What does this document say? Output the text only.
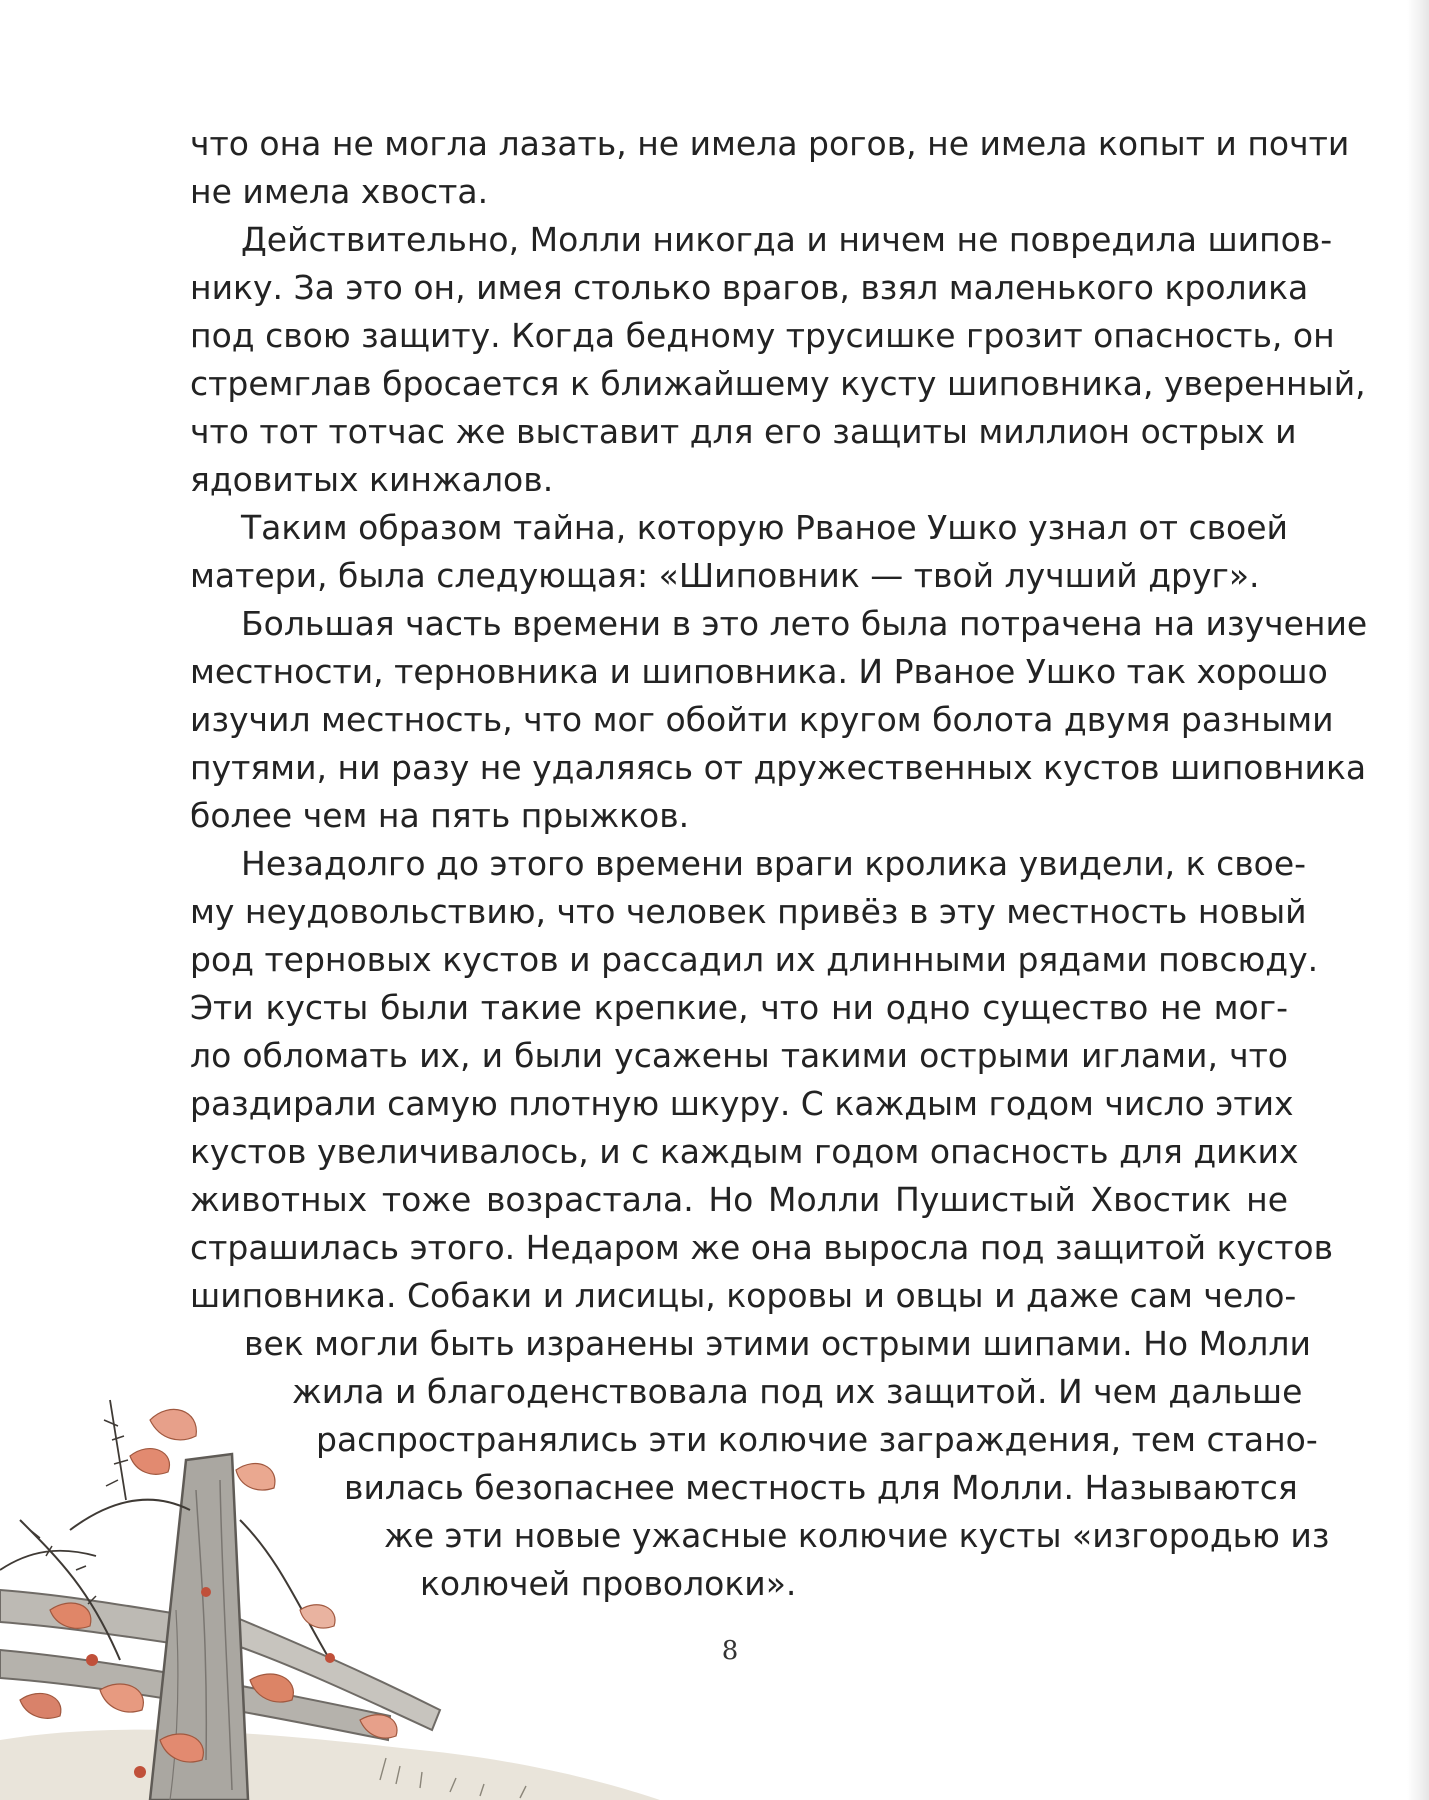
что она не могла лазать, не имела рогов, не имела копыт и почти
не имела хвоста.
Действительно, Молли никогда и ничем не повредила шипов-
нику. За это он, имея столько врагов, взял маленького кролика
под свою защиту. Когда бедному трусишке грозит опасность, он
стремглав бросается к ближайшему кусту шиповника, уверенный,
что тот тотчас же выставит для его защиты миллион острых и
ядовитых кинжалов.
Таким образом тайна, которую Рваное Ушко узнал от своей
матери, была следующая: «Шиповник — твой лучший друг».
Большая часть времени в это лето была потрачена на изучение
местности, терновника и шиповника. И Рваное Ушко так хорошо
изучил местность, что мог обойти кругом болота двумя разными
путями, ни разу не удаляясь от дружественных кустов шиповника
более чем на пять прыжков.
Незадолго до этого времени враги кролика увидели, к свое-
му неудовольствию, что человек привёз в эту местность новый
род терновых кустов и рассадил их длинными рядами повсюду.
Эти кусты были такие крепкие, что ни одно существо не мог-
ло обломать их, и были усажены такими острыми иглами, что
раздирали самую плотную шкуру. С каждым годом число этих
кустов увеличивалось, и с каждым годом опасность для диких
животных тоже возрастала. Но Молли Пушистый Хвостик не
страшилась этого. Недаром же она выросла под защитой кустов
шиповника. Собаки и лисицы, коровы и овцы и даже сам чело-
век могли быть изранены этими острыми шипами. Но Молли
жила и благоденствовала под их защитой. И чем дальше
распространялись эти колючие заграждения, тем стано-
вилась безопаснее местность для Молли. Называются
же эти новые ужасные колючие кусты «изгородью из
колючей проволоки».
8
